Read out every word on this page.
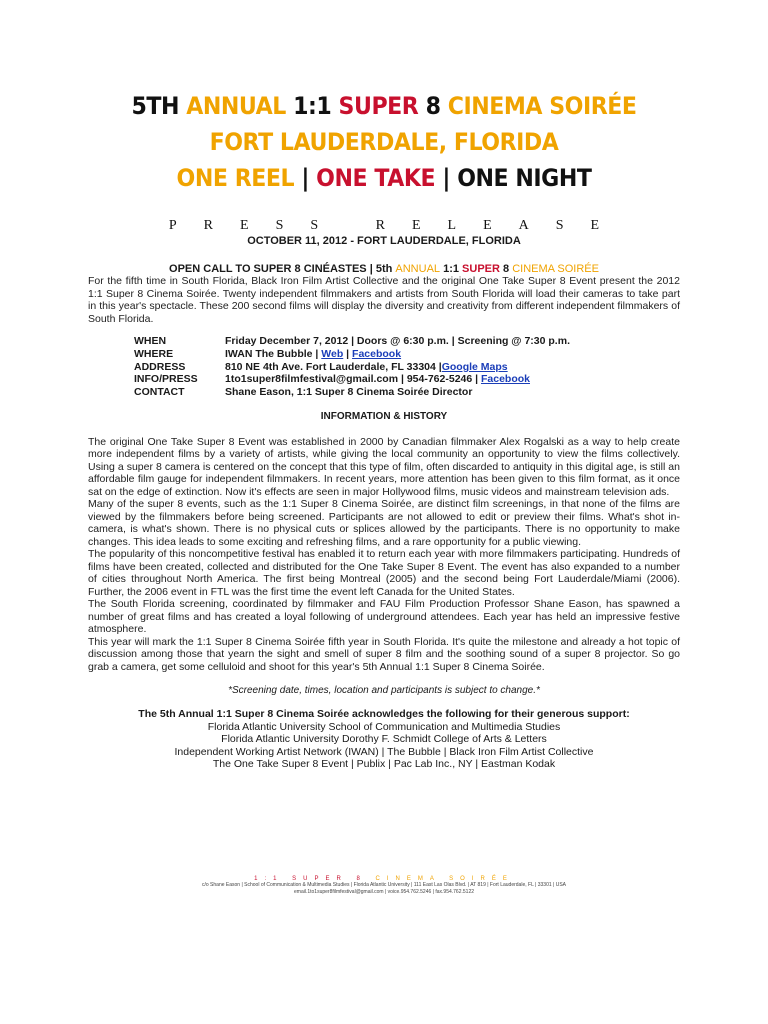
5TH ANNUAL 1:1 SUPER 8 CINEMA SOIRÉE
FORT LAUDERDALE, FLORIDA
ONE REEL | ONE TAKE | ONE NIGHT
PRESS RELEASE
OCTOBER 11, 2012 - FORT LAUDERDALE, FLORIDA
OPEN CALL TO SUPER 8 CINÉASTES | 5th ANNUAL 1:1 SUPER 8 CINEMA SOIRÉE

For the fifth time in South Florida, Black Iron Film Artist Collective and the original One Take Super 8 Event present the 2012 1:1 Super 8 Cinema Soirée. Twenty independent filmmakers and artists from South Florida will load their cameras to take part in this year's spectacle. These 200 second films will display the diversity and creativity from different independent filmmakers of South Florida.

WHEN	Friday December 7, 2012 | Doors @ 6:30 p.m. | Screening @ 7:30 p.m.
WHERE	IWAN The Bubble | Web | Facebook
ADDRESS	810 NE 4th Ave. Fort Lauderdale, FL 33304 |Google Maps
INFO/PRESS	1to1super8filmfestival@gmail.com | 954-762-5246 | Facebook
CONTACT	Shane Eason, 1:1 Super 8 Cinema Soirée Director
INFORMATION & HISTORY

The original One Take Super 8 Event was established in 2000 by Canadian filmmaker Alex Rogalski as a way to help create more independent films by a variety of artists, while giving the local community an opportunity to view the films collectively. Using a super 8 camera is centered on the concept that this type of film, often discarded to antiquity in this digital age, is still an affordable film gauge for independent filmmakers. In recent years, more attention has been given to this film format, as it once sat on the edge of extinction. Now it's effects are seen in major Hollywood films, music videos and mainstream television ads.

Many of the super 8 events, such as the 1:1 Super 8 Cinema Soirée, are distinct film screenings, in that none of the films are viewed by the filmmakers before being screened. Participants are not allowed to edit or preview their films. What's shot in-camera, is what's shown. There is no physical cuts or splices allowed by the participants. There is no opportunity to make changes. This idea leads to some exciting and refreshing films, and a rare opportunity for a public viewing.

The popularity of this noncompetitive festival has enabled it to return each year with more filmmakers participating. Hundreds of films have been created, collected and distributed for the One Take Super 8 Event. The event has also expanded to a number of cities throughout North America. The first being Montreal (2005) and the second being Fort Lauderdale/Miami (2006). Further, the 2006 event in FTL was the first time the event left Canada for the United States.

The South Florida screening, coordinated by filmmaker and FAU Film Production Professor Shane Eason, has spawned a number of great films and has created a loyal following of underground attendees. Each year has held an impressive festive atmosphere.

This year will mark the 1:1 Super 8 Cinema Soirée fifth year in South Florida. It's quite the milestone and already a hot topic of discussion among those that yearn the sight and smell of super 8 film and the soothing sound of a super 8 projector. So go grab a camera, get some celluloid and shoot for this year's 5th Annual 1:1 Super 8 Cinema Soirée.

*Screening date, times, location and participants is subject to change.*
The 5th Annual 1:1 Super 8 Cinema Soirée acknowledges the following for their generous support:
Florida Atlantic University School of Communication and Multimedia Studies
Florida Atlantic University Dorothy F. Schmidt College of Arts & Letters
Independent Working Artist Network (IWAN) | The Bubble | Black Iron Film Artist Collective
The One Take Super 8 Event | Publix | Pac Lab Inc., NY | Eastman Kodak
1:1 SUPER 8 CINEMA SOIRÉE
c/o Shane Eason | School of Communication & Multimedia Studies | Florida Atlantic University | 111 East Las Olas Blvd. | AT 819 | Fort Lauderdale, FL | 33301 | USA
email.1to1super8filmfestival@gmail.com | voice.954.762.5246 | fax.954.762.5122
